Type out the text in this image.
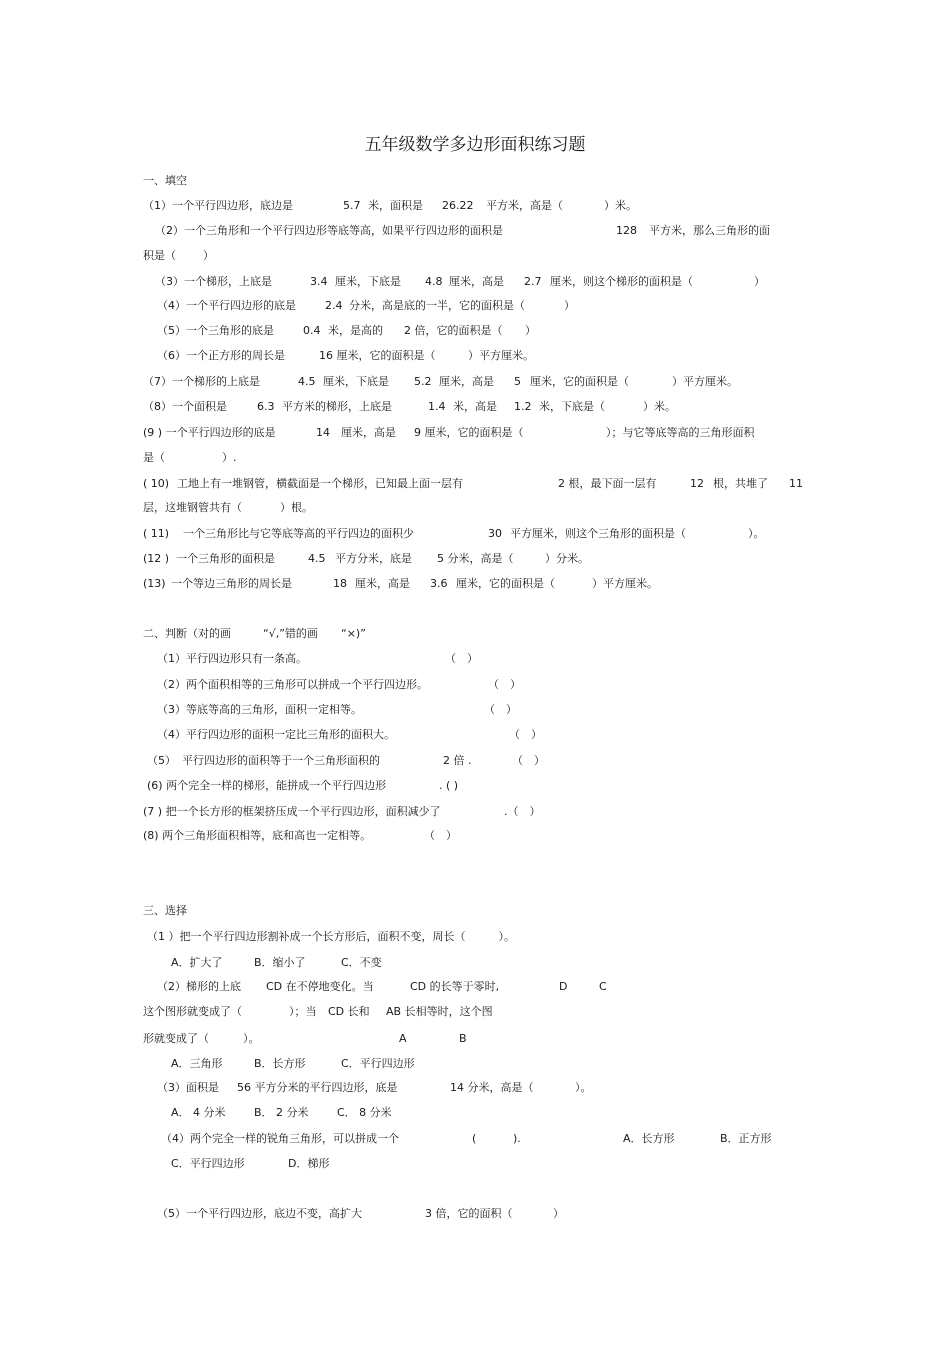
五年级数学多边形面积练习题
一、填空
（1）一个平行四边形，底边是	5.7 米，面积是 26.22 平方米，高是（	）米。
（2）一个三角形和一个平行四边形等底等高，如果平行四边形的面积是	128 平方米，那么三角形的面
积是（ ）
（3）一个梯形，上底是	3.4 厘米，下底是 4.8 厘米，高是 2.7 厘米，则这个梯形的面积是（	）
（4）一个平行四边形的底是	2.4 分米，高是底的一半，它的面积是（	）
（5）一个三角形的底是	0.4 米，是高的 2 倍，它的面积是（ ）
（6）一个正方形的周长是	16 厘米，它的面积是（	）平方厘米。
（7）一个梯形的上底是	4.5 厘米，下底是 5.2 厘米，高是 5 厘米，它的面积是（	）平方厘米。
（8）一个面积是	6.3 平方米的梯形，上底是	1.4 米，高是 1.2 米，下底是（	）米。
(9 ) 一个平行四边形的底是	14 厘米，高是 9 厘米，它的面积是（	）；与它等底等高的三角形面积
是（	）.
( 10) 工地上有一堆钢管，横截面是一个梯形，已知最上面一层有	2 根，最下面一层有	12 根，共堆了 11
层，这堆钢管共有（	）根。
( 11) 一个三角形比与它等底等高的平行四边的面积少	30 平方厘米，则这个三角形的面积是（	）。
(12 ) 一个三角形的面积是	4.5 平方分米，底是 5 分米，高是（	）分米。
(13) 一个等边三角形的周长是	18 厘米，高是 3.6 厘米，它的面积是（	）平方厘米。
二、判断（对的画	“√,”错的画 “×)”
（1）平行四边形只有一条高。	（　）
（2）两个面积相等的三角形可以拼成一个平行四边形。	（　）
（3）等底等高的三角形，面积一定相等。	（　）
（4）平行四边形的面积一定比三角形的面积大。	（　）
（5） 平行四边形的面积等于一个三角形面积的	2 倍 .	（　）
(6) 两个完全一样的梯形，能拼成一个平行四边形	. ( )
(7 ) 把一个长方形的框架挤压成一个平行四边形，面积减少了	.（　）
(8) 两个三角形面积相等，底和高也一定相等。	（　）
三、选择
（1 ）把一个平行四边形割补成一个长方形后，面积不变，周长（　　　）。
A．扩大了	B．缩小了	C．不变
（2）梯形的上底 CD 在不停地变化。当	CD 的长等于零时,	D	C
这个图形就变成了（	）；当 CD 长和 AB 长相等时，这个图
形就变成了（	）。	A	B
A．三角形	B．长方形	C．平行四边形
（3）面积是 56 平方分米的平行四边形，底是	14 分米，高是（	）。
A． 4 分米	B． 2 分米	C． 8 分米
（4）两个完全一样的锐角三角形，可以拼成一个	(	).	A．长方形	B．正方形
C．平行四边形	D．梯形
（5）一个平行四边形，底边不变，高扩大	3 倍，它的面积（	）
